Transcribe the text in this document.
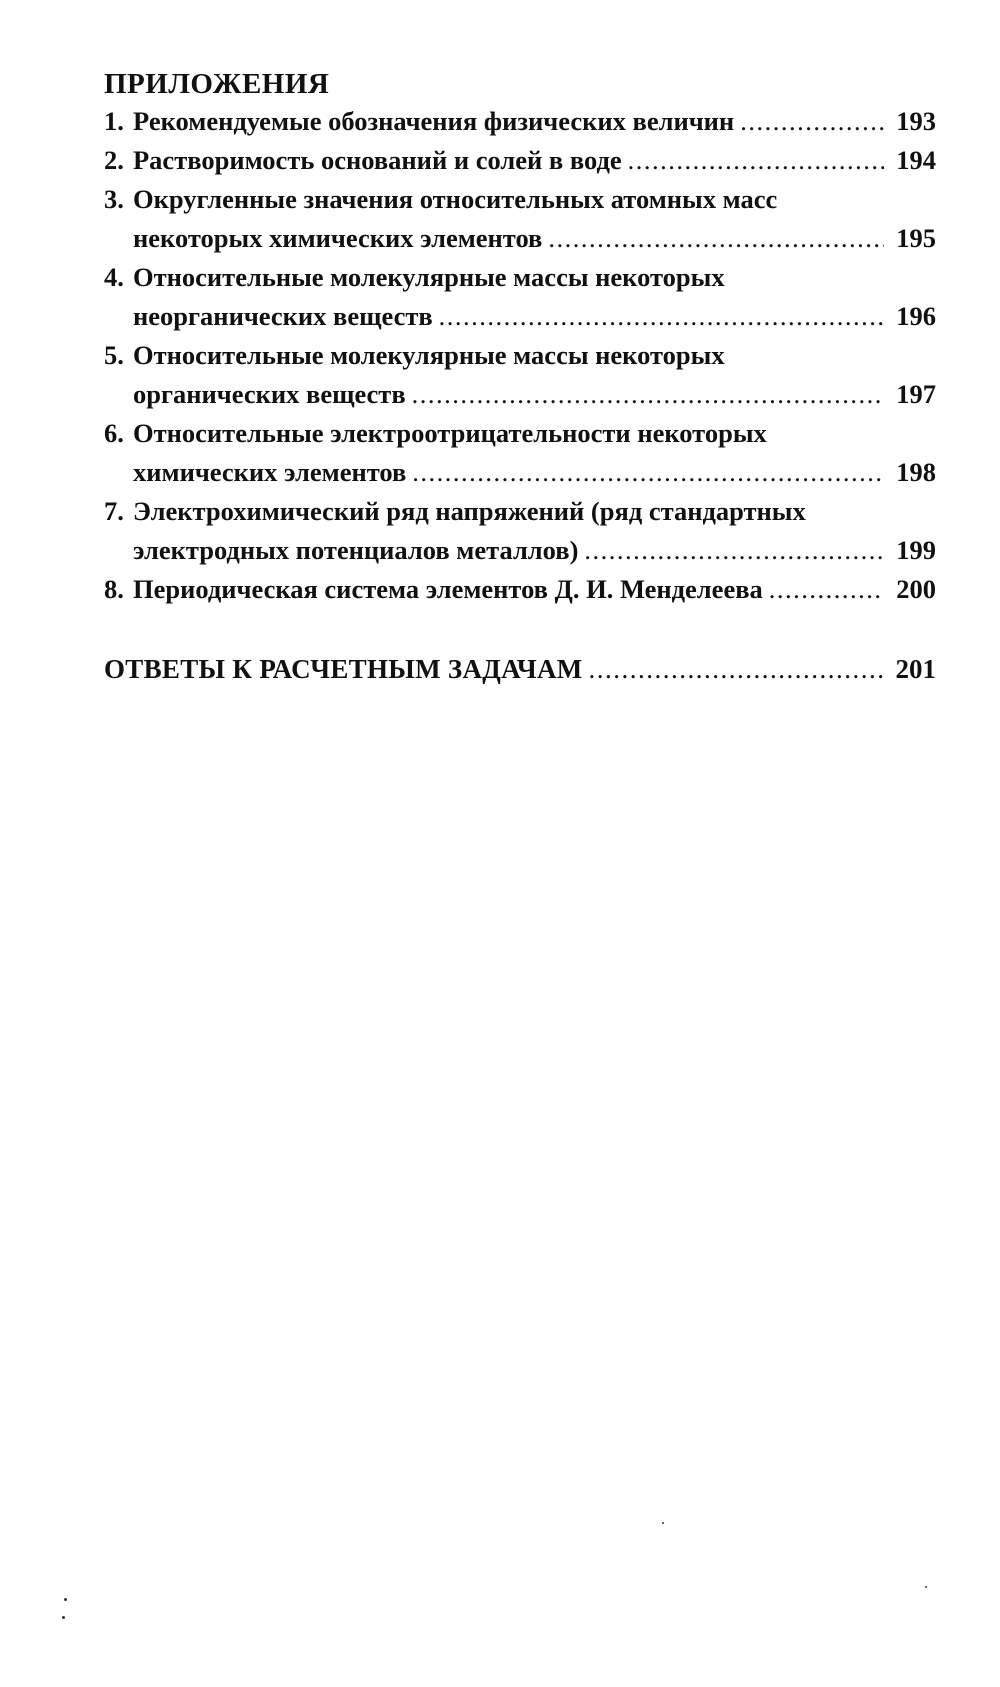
ПРИЛОЖЕНИЯ
1. Рекомендуемые обозначения физических величин .....	193
2. Растворимость оснований и солей в воде .....	194
3. Округленные значения относительных атомных масс
некоторых химических элементов .....	195
4. Относительные молекулярные массы некоторых
неорганических веществ .....	196
5. Относительные молекулярные массы некоторых
органических веществ .....	197
6. Относительные электроотрицательности некоторых
химических элементов .....	198
7. Электрохимический ряд напряжений (ряд стандартных
электродных потенциалов металлов) .....	199
8. Периодическая система элементов Д. И. Менделеева .....	200
ОТВЕТЫ К РАСЧЕТНЫМ ЗАДАЧАМ .....	201
